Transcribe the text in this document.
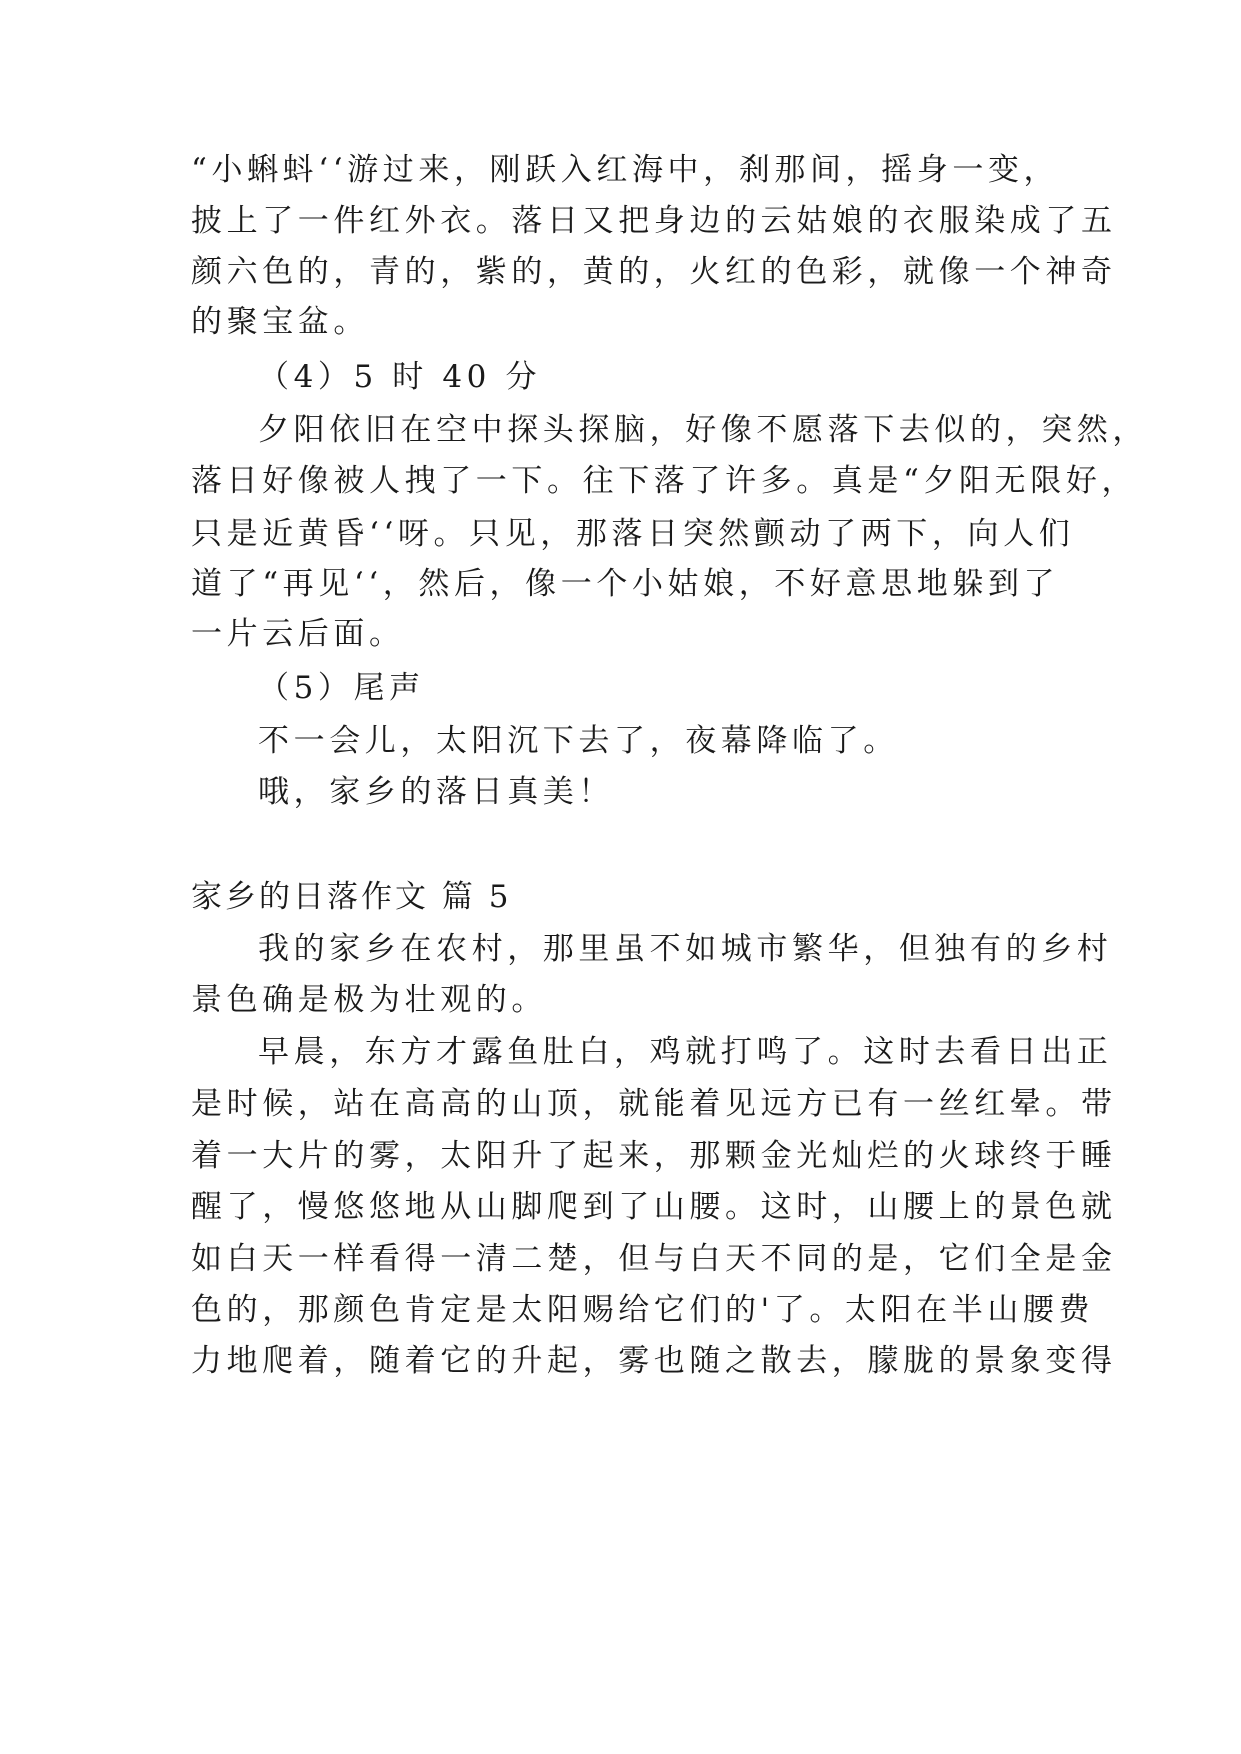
“小蝌蚪‘‘游过来，刚跃入红海中，刹那间，摇身一变，
披上了一件红外衣。落日又把身边的云姑娘的衣服染成了五
颜六色的，青的，紫的，黄的，火红的色彩，就像一个神奇
的聚宝盆。
（4）5 时 40 分
夕阳依旧在空中探头探脑，好像不愿落下去似的，突然，
落日好像被人拽了一下。往下落了许多。真是“夕阳无限好，
只是近黄昏‘‘呀。只见，那落日突然颤动了两下，向人们
道了“再见‘‘，然后，像一个小姑娘，不好意思地躲到了
一片云后面。
（5）尾声
不一会儿，太阳沉下去了，夜幕降临了。
哦，家乡的落日真美！
家乡的日落作文 篇 5
我的家乡在农村，那里虽不如城市繁华，但独有的乡村
景色确是极为壮观的。
早晨，东方才露鱼肚白，鸡就打鸣了。这时去看日出正
是时候，站在高高的山顶，就能着见远方已有一丝红晕。带
着一大片的雾，太阳升了起来，那颗金光灿烂的火球终于睡
醒了，慢悠悠地从山脚爬到了山腰。这时，山腰上的景色就
如白天一样看得一清二楚，但与白天不同的是，它们全是金
色的，那颜色肯定是太阳赐给它们的'了。太阳在半山腰费
力地爬着，随着它的升起，雾也随之散去，朦胧的景象变得
